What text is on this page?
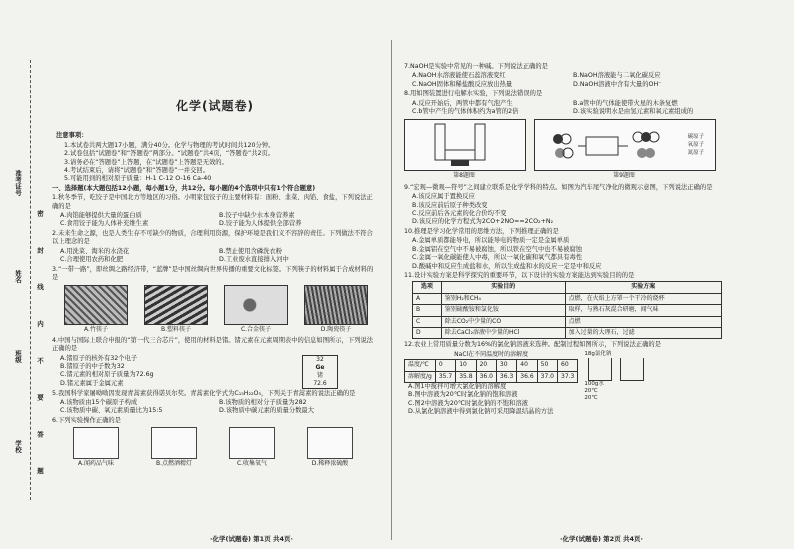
准考证号
姓名
班级
学校 密 封 线 内 不 要 答 题
化学(试题卷)
注意事项：
1.本试卷共两大题17小题，满分40分。化学与物理的考试时间共120分钟。
2.试卷包括“试题卷”和“答题卷”两部分。“试题卷”共4页，“答题卷”共2页。
3.请务必在“答题卷”上答题，在“试题卷”上答题是无效的。
4.考试结束后，请将“试题卷”和“答题卷”一并交回。
5.可能用到的相对原子质量：H-1 C-12 O-16 Ca-40
一、选择题(本大题包括12小题，每小题1分，共12分。每小题的4个选项中只有1个符合题意)
1.秋冬季节，吃饺子是中国北方等地区的习俗。小明家包饺子的主要材料有：面粉、韭菜、肉馅、食盐，下列说法正确的是
A.肉馅能够提供大量的蛋白质	B.饺子中缺少水本身营养素
C.食用饺子能为人体补充维生素	D.饺子能为人体提供全部营养
2.未来生命之源，也是人类生存不可缺少的物质，合理利用资源，保护环境是我们义不容辞的责任。下列做法不符合以上理念的是
A.用洗菜、淘米的水浇花	B.禁止使用含磷洗衣粉
C.合理使用农药和化肥	D.工业废水直接排入河中
3.“一带一路”，即丝绸之路经济带，“蓝牌”是中国丝绸向世界传播的重要文化标签。下列筷子的材料属于合成材料的是
A.竹筷子	B.塑料筷子	C.合金筷子	D.陶瓷筷子
4.中国与国际上联合申报的“第一代三合芯片”，使用的材料是锗。锗元素在元素周期表中的信息如图所示，下列说法正确的是
A.锗原子的核外有32个电子
B.锗原子的中子数为32
C.锗元素的相对原子质量为72.6g
D.锗元素属于金属元素
32
Ge
锗
72.6
5.我国科学家屠呦呦因发现青蒿素获得诺贝尔奖。青蒿素化学式为C₁₅H₂₂O₅，下列关于青蒿素的说法正确的是
A.该物质由15个碳原子构成	B.该物质的相对分子质量为282
C.该物质中碳、氧元素质量比为15:5	D.该物质中碳元素的质量分数最大
6.下列实验操作正确的是
A.闻药品气味	B.点燃酒精灯	C.收集氧气	D.稀释浓硫酸
·化学(试题卷) 第1页 共4页·
7.NaOH是实验中常见的一种碱。下列说法正确的是
A.NaOH水溶液能使石蕊溶液变红	B.NaOH溶液能与二氧化碳反应
C.NaOH固体和稀盐酸反应放出热量	D.NaOH溶液中含有大量的OH⁻
8.用如图装置进行电解水实验，下列说法错误的是
A.反应开始后，两管中都有气泡产生	B.a管中的气体能使带火星的木条复燃
C.b管中产生的气体体积约为a管的2倍	D.该实验说明水是由氢元素和氧元素组成的
第8题图
碳原子
氧原子
氮原子
第9题图
9.“宏观—微观—符号”之间建立联系是化学学科的特点。如图为汽车尾气净化的微观示意图，下列说法正确的是
A.该反应属于置换反应
B.该反应前后原子种类改变
C.反应前后各元素的化合价均不变
D.该反应的化学方程式为2CO+2NO==2CO₂+N₂
10.推理是学习化学常用的思维方法，下列推理正确的是
A.金属单质都能导电，所以能导电的物质一定是金属单质
B.金属铝在空气中不易被腐蚀，所以铁在空气中也不易被腐蚀
C.金属一氧化碳能使人中毒，所以一氧化碳和氧气都具有毒性
D.酸碱中和反应生成盐和水，所以生成盐和水的反应一定是中和反应
11.设计实验方案是科学探究的重要环节，以下设计的实验方案能达到实验目的的是
选项	实验目的	实验方案
A	鉴别H₂和CH₄	点燃，在火焰上方罩一个干冷的烧杯
B	鉴别硫酸铵和氯化铵	取样，与熟石灰混合研磨，闻气味
C	除去CO₂中少量的CO	点燃
D	除去CaCl₂溶液中少量的HCl	加入过量的大理石，过滤
12.农业上常用质量分数为16%的氯化钠溶液来选种。配制过程如图所示，下列说法正确的是
NaCl在不同温度时的溶解度
温度/℃	0	10	20	30	40	50	60
溶解度/g	35.7	35.8	36.0	36.3	36.6	37.0	37.3
A.图1中搅拌可增大氯化钠的溶解度
B.图中溶液为20℃时氯化钠的饱和溶液
C.图2中溶液为20℃时氯化钠的不饱和溶液
D.从氯化钠溶液中得到氯化钠可采用降温结晶的方法
18g氯化钠
100g水
20℃
20℃
·化学(试题卷) 第2页 共4页·
